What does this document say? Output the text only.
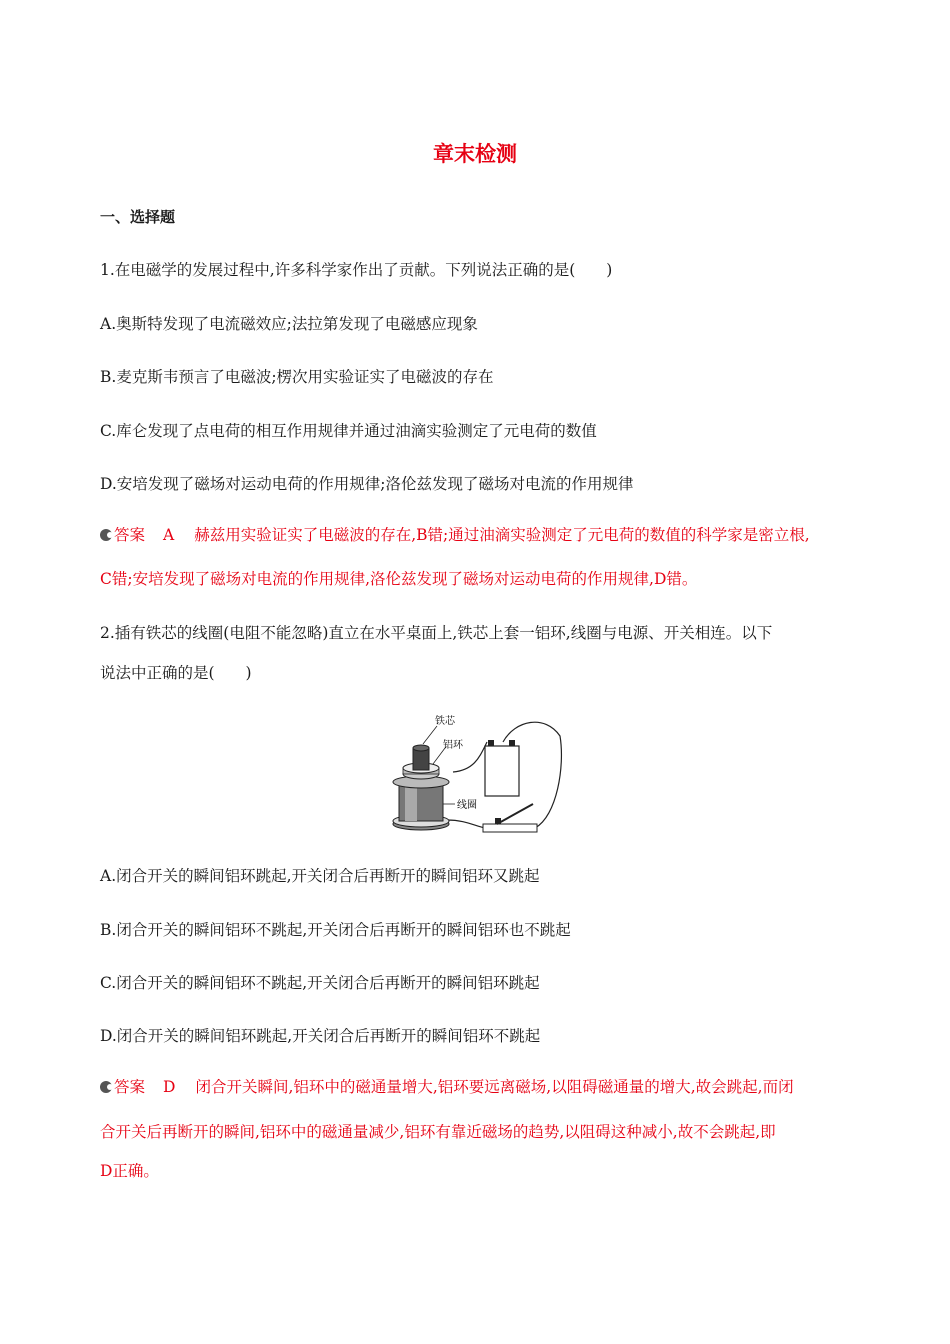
章末检测
一、选择题
1.在电磁学的发展过程中,许多科学家作出了贡献。下列说法正确的是(　　)
A.奥斯特发现了电流磁效应;法拉第发现了电磁感应现象
B.麦克斯韦预言了电磁波;楞次用实验证实了电磁波的存在
C.库仑发现了点电荷的相互作用规律并通过油滴实验测定了元电荷的数值
D.安培发现了磁场对运动电荷的作用规律;洛伦兹发现了磁场对电流的作用规律
答案 A 赫兹用实验证实了电磁波的存在,B错;通过油滴实验测定了元电荷的数值的科学家是密立根,
C错;安培发现了磁场对电流的作用规律,洛伦兹发现了磁场对运动电荷的作用规律,D错。
2.插有铁芯的线圈(电阻不能忽略)直立在水平桌面上,铁芯上套一铝环,线圈与电源、开关相连。以下
说法中正确的是(　　)
铁芯
铝环
线圈
A.闭合开关的瞬间铝环跳起,开关闭合后再断开的瞬间铝环又跳起
B.闭合开关的瞬间铝环不跳起,开关闭合后再断开的瞬间铝环也不跳起
C.闭合开关的瞬间铝环不跳起,开关闭合后再断开的瞬间铝环跳起
D.闭合开关的瞬间铝环跳起,开关闭合后再断开的瞬间铝环不跳起
答案 D 闭合开关瞬间,铝环中的磁通量增大,铝环要远离磁场,以阻碍磁通量的增大,故会跳起,而闭
合开关后再断开的瞬间,铝环中的磁通量减少,铝环有靠近磁场的趋势,以阻碍这种减小,故不会跳起,即
D正确。
